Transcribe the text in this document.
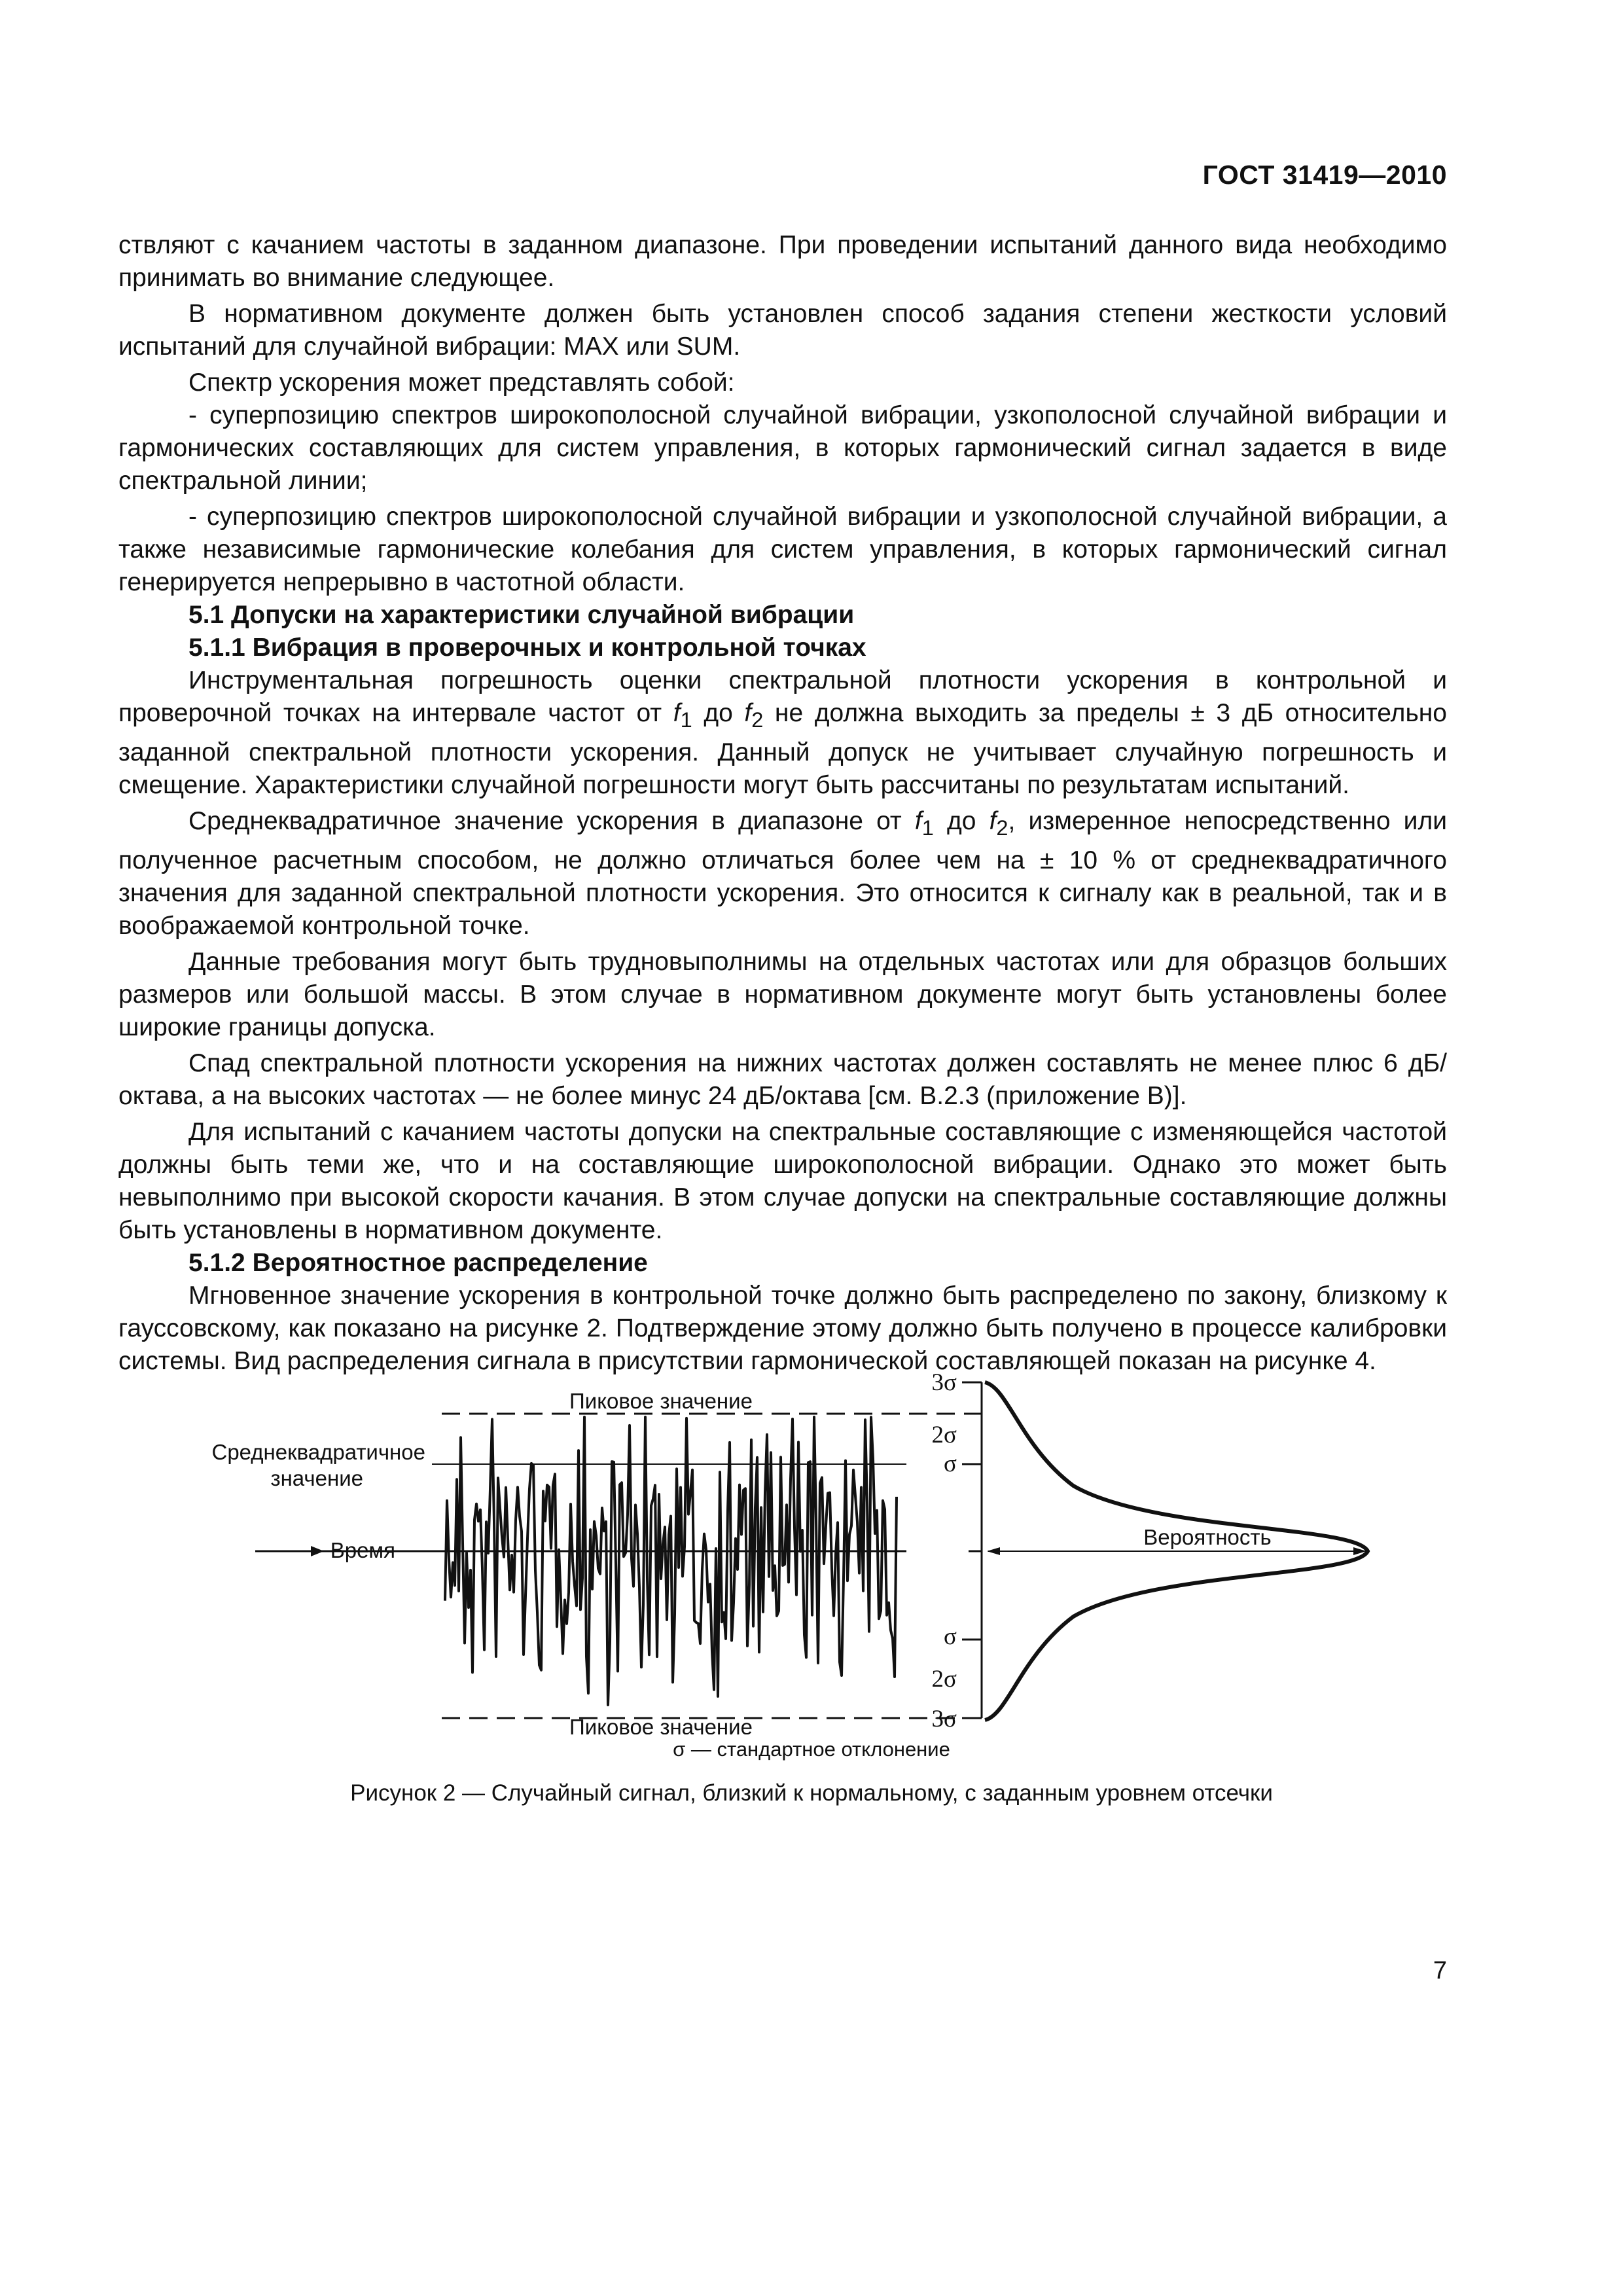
ГОСТ 31419—2010

ствляют с качанием частоты в заданном диапазоне. При проведении испытаний данного вида необходимо принимать во внимание следующее.

В нормативном документе должен быть установлен способ задания степени жесткости условий испытаний для случайной вибрации: MAX или SUM.

Спектр ускорения может представлять собой:

- суперпозицию спектров широкополосной случайной вибрации, узкополосной случайной вибрации и гармонических составляющих для систем управления, в которых гармонический сигнал задается в виде спектральной линии;

- суперпозицию спектров широкополосной случайной вибрации и узкополосной случайной вибрации, а также независимые гармонические колебания для систем управления, в которых гармонический сигнал генерируется непрерывно в частотной области.

5.1 Допуски на характеристики случайной вибрации
5.1.1 Вибрация в проверочных и контрольной точках

Инструментальная погрешность оценки спектральной плотности ускорения в контрольной и проверочной точках на интервале частот от $f_1$ до $f_2$ не должна выходить за пределы ± 3 дБ относительно заданной спектральной плотности ускорения. Данный допуск не учитывает случайную погрешность и смещение. Характеристики случайной погрешности могут быть рассчитаны по результатам испытаний.

Среднеквадратичное значение ускорения в диапазоне от $f_1$ до $f_2$, измеренное непосредственно или полученное расчетным способом, не должно отличаться более чем на ± 10 % от среднеквадратичного значения для заданной спектральной плотности ускорения. Это относится к сигналу как в реальной, так и в воображаемой контрольной точке.

Данные требования могут быть трудновыполнимы на отдельных частотах или для образцов больших размеров или большой массы. В этом случае в нормативном документе могут быть установлены более широкие границы допуска.

Спад спектральной плотности ускорения на нижних частотах должен составлять не менее плюс 6 дБ/октава, а на высоких частотах — не более минус 24 дБ/октава [см. В.2.3 (приложение В)].

Для испытаний с качанием частоты допуски на спектральные составляющие с изменяющейся частотой должны быть теми же, что и на составляющие широкополосной вибрации. Однако это может быть невыполнимо при высокой скорости качания. В этом случае допуски на спектральные составляющие должны быть установлены в нормативном документе.

5.1.2 Вероятностное распределение

Мгновенное значение ускорения в контрольной точке должно быть распределено по закону, близкому к гауссовскому, как показано на рисунке 2. Подтверждение этому должно быть получено в процессе калибровки системы. Вид распределения сигнала в присутствии гармонической составляющей показан на рисунке 4.

Пиковое значение
Пиковое значение
Среднеквадратичное
значение
Время
Вероятность
3σ
2σ
σ
σ
2σ
3σ
σ — стандартное отклонение
Рисунок 2 — Случайный сигнал, близкий к нормальному, с заданным уровнем отсечки
7
